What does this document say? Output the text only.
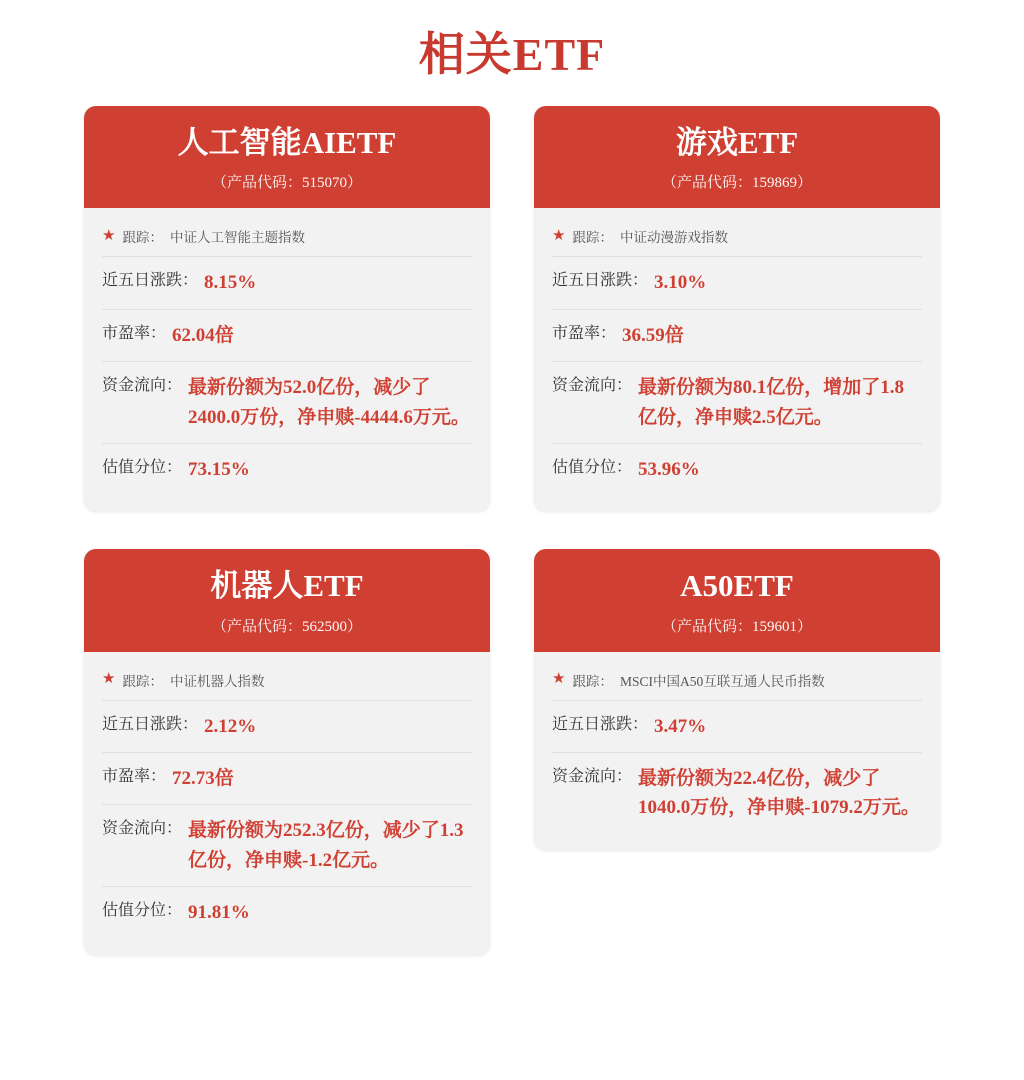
相关ETF
人工智能AIETF
（产品代码：515070）
★ 跟踪： 中证人工智能主题指数
近五日涨跌： 8.15%
市盈率： 62.04倍
资金流向： 最新份额为52.0亿份，减少了2400.0万份，净申赎-4444.6万元。
估值分位： 73.15%
游戏ETF
（产品代码：159869）
★ 跟踪： 中证动漫游戏指数
近五日涨跌： 3.10%
市盈率： 36.59倍
资金流向： 最新份额为80.1亿份，增加了1.8亿份，净申赎2.5亿元。
估值分位： 53.96%
机器人ETF
（产品代码：562500）
★ 跟踪： 中证机器人指数
近五日涨跌： 2.12%
市盈率： 72.73倍
资金流向： 最新份额为252.3亿份，减少了1.3亿份，净申赎-1.2亿元。
估值分位： 91.81%
A50ETF
（产品代码：159601）
★ 跟踪： MSCI中国A50互联互通人民币指数
近五日涨跌： 3.47%
资金流向： 最新份额为22.4亿份，减少了1040.0万份，净申赎-1079.2万元。
